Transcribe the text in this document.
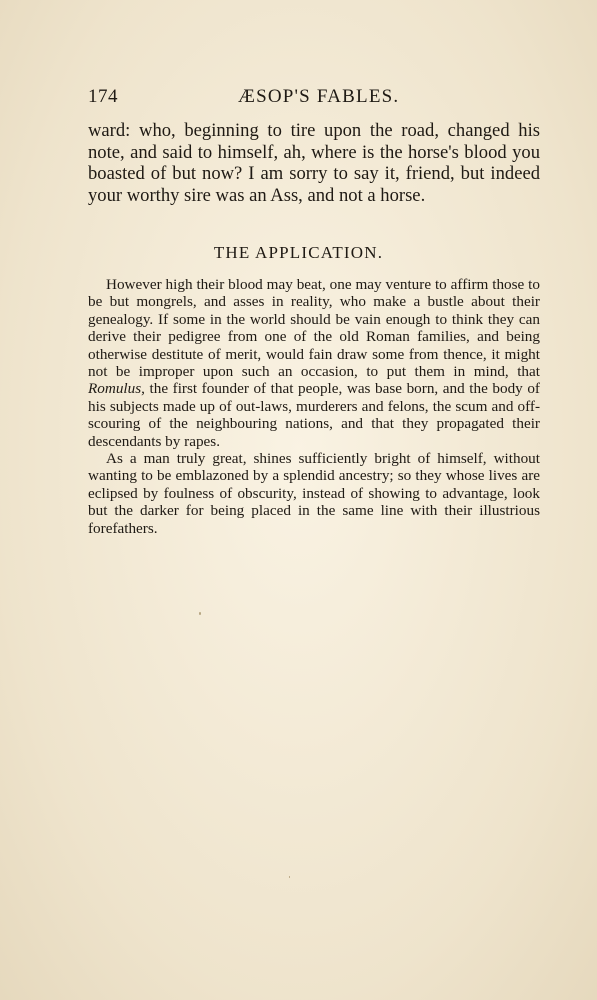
174	ÆSOP'S FABLES.

ward: who, beginning to tire upon the road, changed his note, and said to himself, ah, where is the horse's blood you boasted of but now? I am sorry to say it, friend, but indeed your worthy sire was an Ass, and not a horse.

THE APPLICATION.

However high their blood may beat, one may venture to affirm those to be but mongrels, and asses in reality, who make a bustle about their genealogy. If some in the world should be vain enough to think they can derive their pedigree from one of the old Roman families, and being otherwise destitute of merit, would fain draw some from thence, it might not be improper upon such an occasion, to put them in mind, that Romulus, the first founder of that people, was base born, and the body of his subjects made up of out-laws, murderers and felons, the scum and off-scouring of the neighbouring nations, and that they propagated their descendants by rapes.

As a man truly great, shines sufficiently bright of himself, without wanting to be emblazoned by a splendid ancestry; so they whose lives are eclipsed by foulness of obscurity, instead of showing to advantage, look but the darker for being placed in the same line with their illustrious forefathers.
